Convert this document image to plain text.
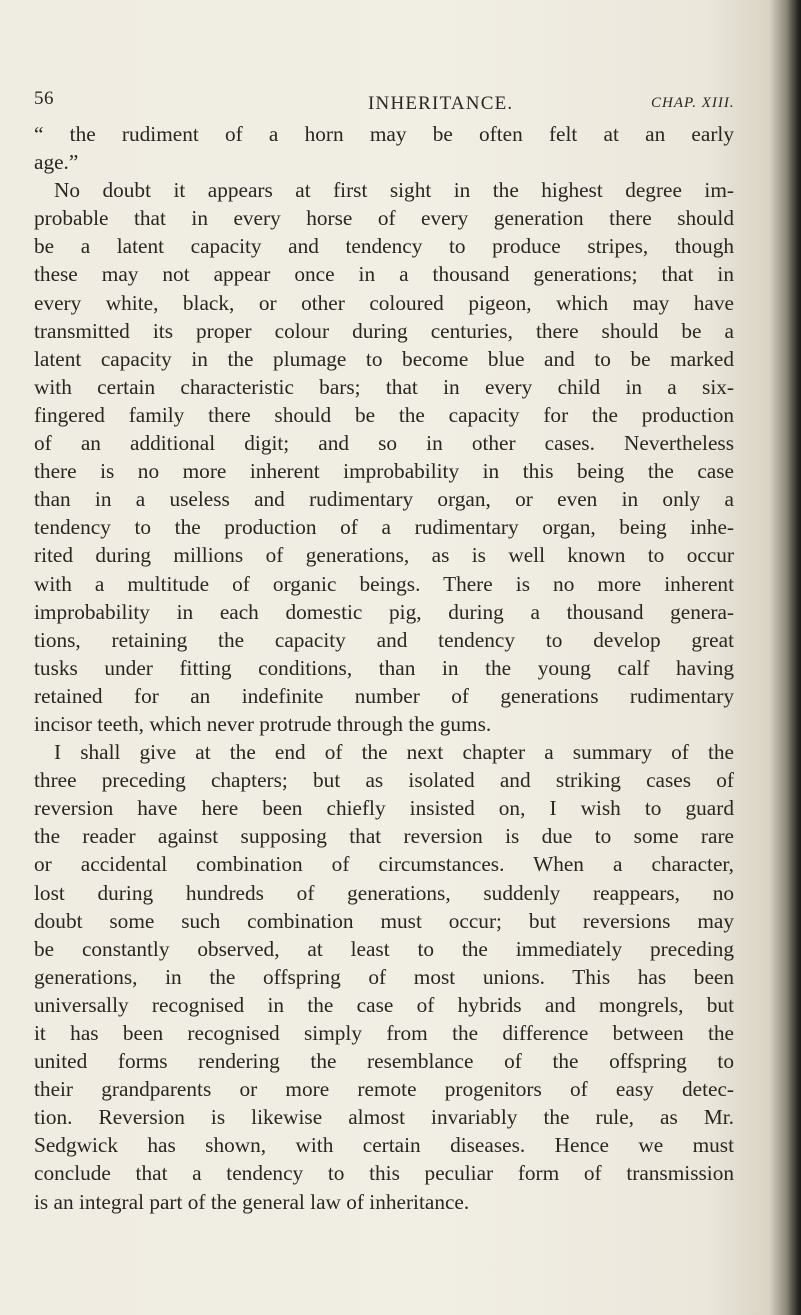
56	INHERITANCE.	CHAP. XIII.
“ the rudiment of a horn may be often felt at an early
age.”
No doubt it appears at first sight in the highest degree im-
probable that in every horse of every generation there should
be a latent capacity and tendency to produce stripes, though
these may not appear once in a thousand generations; that in
every white, black, or other coloured pigeon, which may have
transmitted its proper colour during centuries, there should be a
latent capacity in the plumage to become blue and to be marked
with certain characteristic bars; that in every child in a six-
fingered family there should be the capacity for the production
of an additional digit; and so in other cases. Nevertheless
there is no more inherent improbability in this being the case
than in a useless and rudimentary organ, or even in only a
tendency to the production of a rudimentary organ, being inhe-
rited during millions of generations, as is well known to occur
with a multitude of organic beings. There is no more inherent
improbability in each domestic pig, during a thousand genera-
tions, retaining the capacity and tendency to develop great
tusks under fitting conditions, than in the young calf having
retained for an indefinite number of generations rudimentary
incisor teeth, which never protrude through the gums.
I shall give at the end of the next chapter a summary of the
three preceding chapters; but as isolated and striking cases of
reversion have here been chiefly insisted on, I wish to guard
the reader against supposing that reversion is due to some rare
or accidental combination of circumstances. When a character,
lost during hundreds of generations, suddenly reappears, no
doubt some such combination must occur; but reversions may
be constantly observed, at least to the immediately preceding
generations, in the offspring of most unions. This has been
universally recognised in the case of hybrids and mongrels, but
it has been recognised simply from the difference between the
united forms rendering the resemblance of the offspring to
their grandparents or more remote progenitors of easy detec-
tion. Reversion is likewise almost invariably the rule, as Mr.
Sedgwick has shown, with certain diseases. Hence we must
conclude that a tendency to this peculiar form of transmission
is an integral part of the general law of inheritance.
